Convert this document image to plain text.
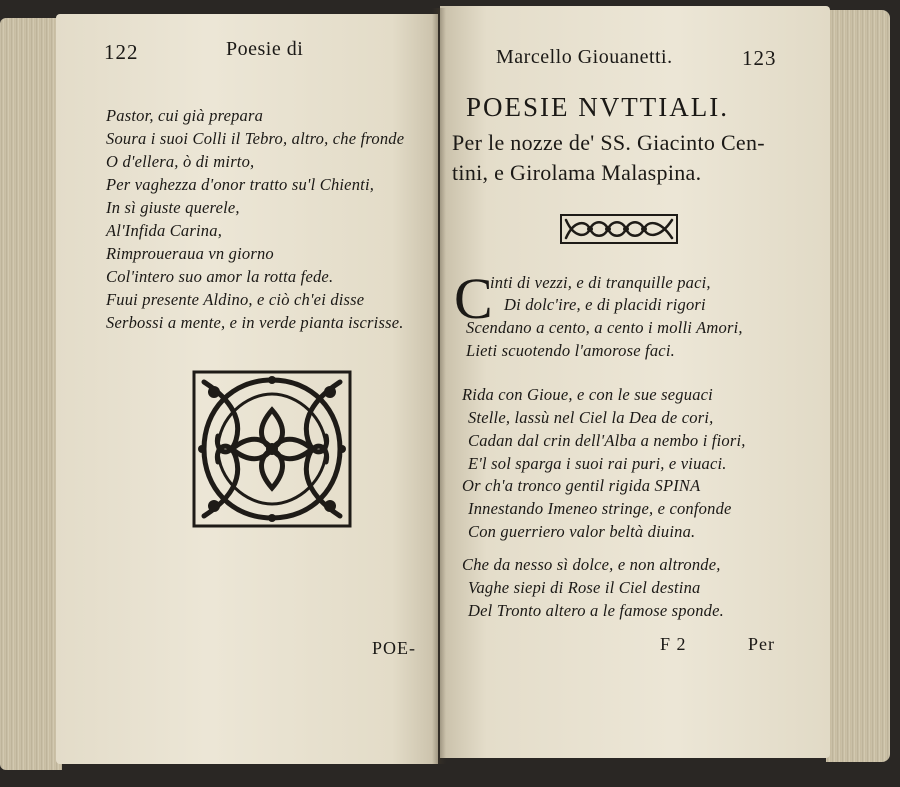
122	Poesie di
Pastor, cui già prepara
Soura i suoi Colli il Tebro, altro, che fronde
O d'ellera, ò di mirto,
Per vaghezza d'onor tratto su'l Chienti,
In sì giuste querele,
Al'Infida Carina,
Rimproueraua vn giorno
Col'intero suo amor la rotta fede.
Fuui presente Aldino, e ciò ch'ei disse
Serbossi a mente, e in verde pianta iscrisse.
POE-
Marcello Giouanetti.	123
POESIE NVTTIALI.
Per le nozze de' SS. Giacinto Cen-
tini, e Girolama Malaspina.
C
inti di vezzi, e di tranquille paci,
Di dolc'ire, e di placidi rigori
Scendano a cento, a cento i molli Amori,
Lieti scuotendo l'amorose faci.
Rida con Gioue, e con le sue seguaci
Stelle, lassù nel Ciel la Dea de cori,
Cadan dal crin dell'Alba a nembo i fiori,
E'l sol sparga i suoi rai puri, e viuaci.
Or ch'a tronco gentil rigida SPINA
Innestando Imeneo stringe, e confonde
Con guerriero valor beltà diuina.
Che da nesso sì dolce, e non altronde,
Vaghe siepi di Rose il Ciel destina
Del Tronto altero a le famose sponde.
F 2	Per
